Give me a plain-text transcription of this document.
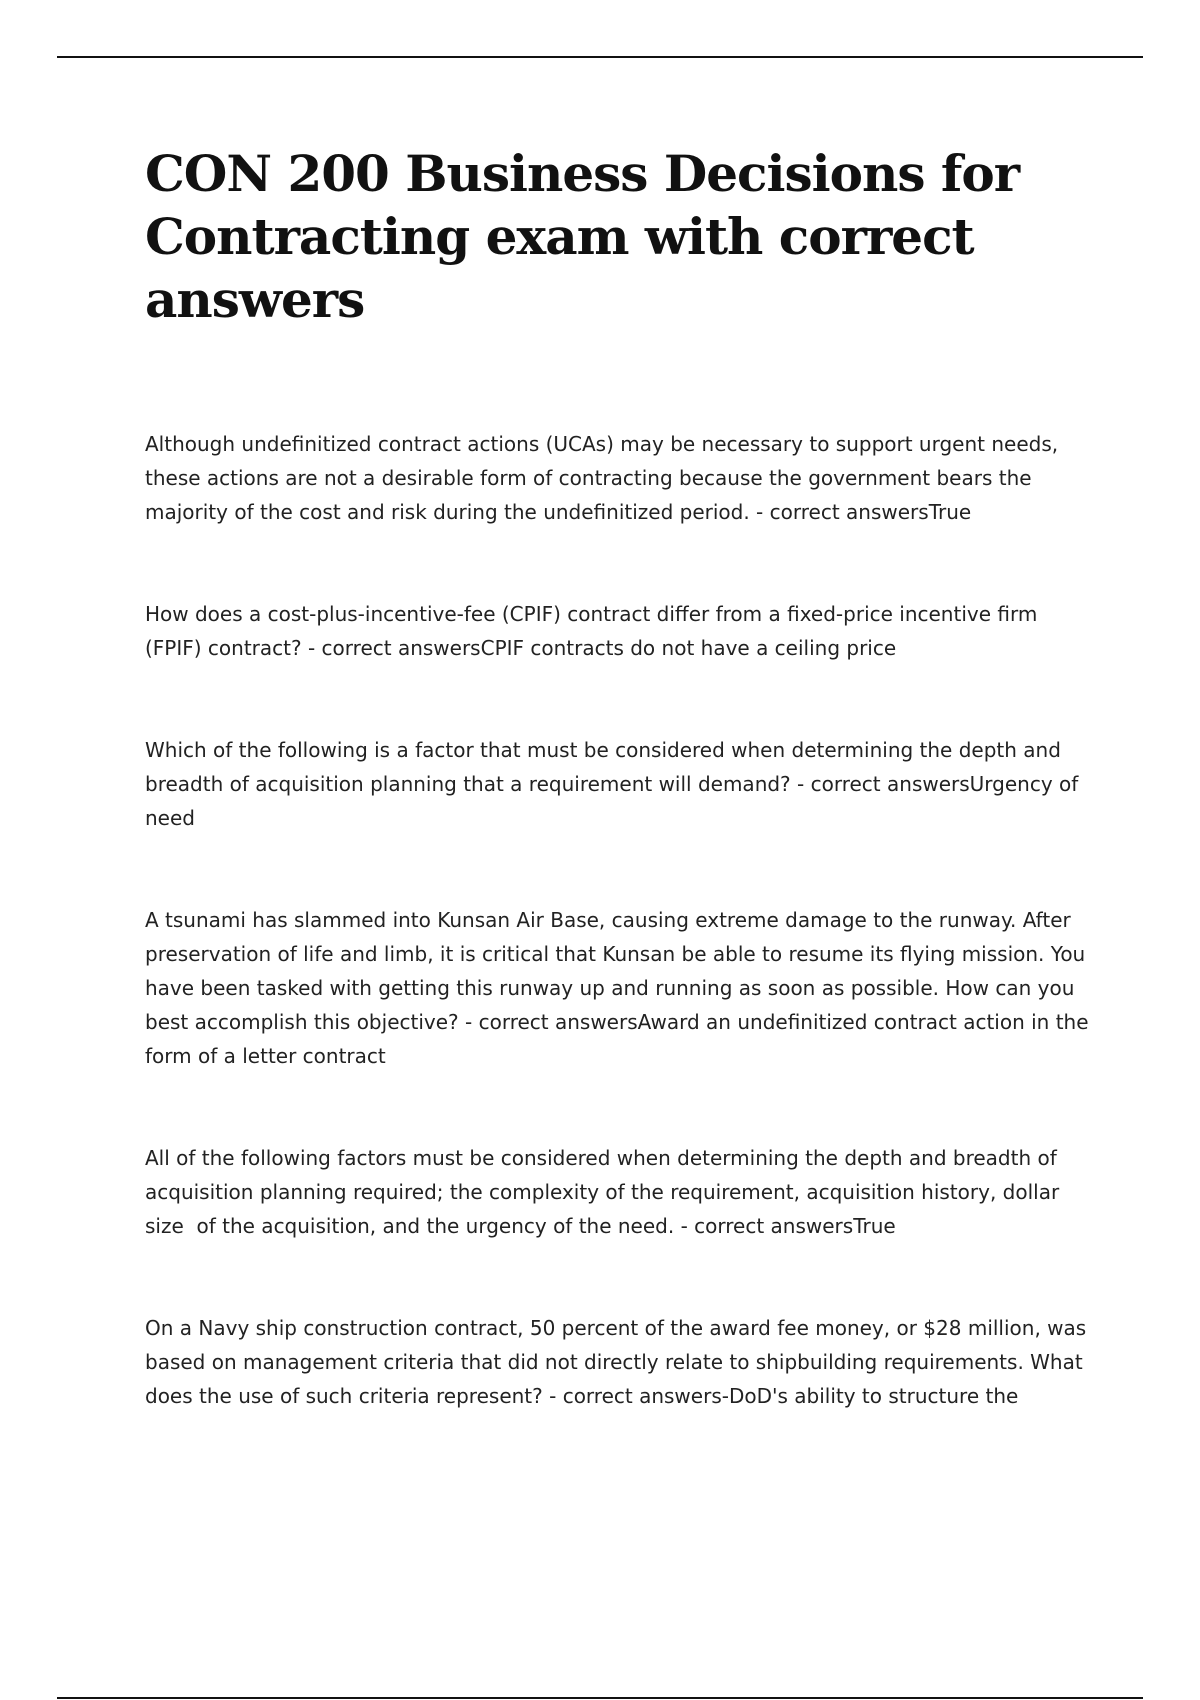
CON 200 Business Decisions for Contracting exam with correct answers

Although undefinitized contract actions (UCAs) may be necessary to support urgent needs, these actions are not a desirable form of contracting because the government bears the majority of the cost and risk during the undefinitized period. - correct answersTrue

How does a cost-plus-incentive-fee (CPIF) contract differ from a fixed-price incentive firm (FPIF) contract? - correct answersCPIF contracts do not have a ceiling price

Which of the following is a factor that must be considered when determining the depth and breadth of acquisition planning that a requirement will demand? - correct answersUrgency of need

A tsunami has slammed into Kunsan Air Base, causing extreme damage to the runway. After preservation of life and limb, it is critical that Kunsan be able to resume its flying mission. You have been tasked with getting this runway up and running as soon as possible. How can you best accomplish this objective? - correct answersAward an undefinitized contract action in the form of a letter contract

All of the following factors must be considered when determining the depth and breadth of acquisition planning required; the complexity of the requirement, acquisition history, dollar size  of the acquisition, and the urgency of the need. - correct answersTrue

On a Navy ship construction contract, 50 percent of the award fee money, or $28 million, was based on management criteria that did not directly relate to shipbuilding requirements. What does the use of such criteria represent? - correct answers-DoD's ability to structure the
